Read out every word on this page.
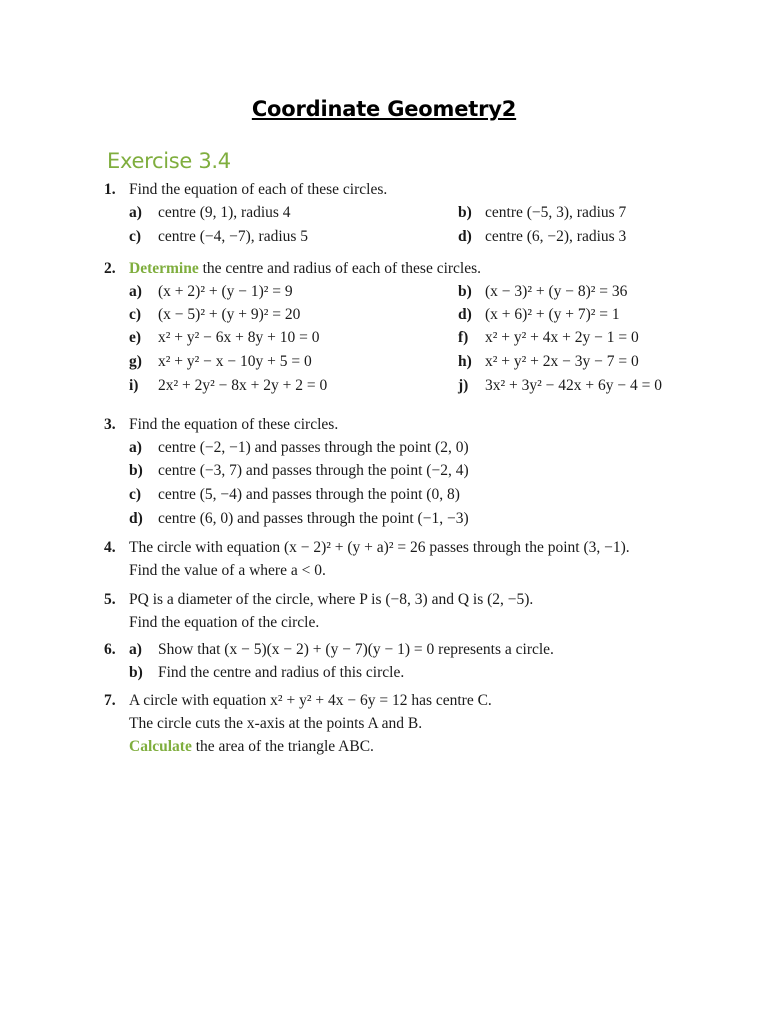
Coordinate Geometry2
Exercise 3.4
1. Find the equation of each of these circles.
a) centre (9, 1), radius 4	b) centre (−5, 3), radius 7
c) centre (−4, −7), radius 5	d) centre (6, −2), radius 3
2. Determine the centre and radius of each of these circles.
a) (x + 2)² + (y − 1)² = 9	b) (x − 3)² + (y − 8)² = 36
c) (x − 5)² + (y + 9)² = 20	d) (x + 6)² + (y + 7)² = 1
e) x² + y² − 6x + 8y + 10 = 0	f) x² + y² + 4x + 2y − 1 = 0
g) x² + y² − x − 10y + 5 = 0	h) x² + y² + 2x − 3y − 7 = 0
i) 2x² + 2y² − 8x + 2y + 2 = 0	j) 3x² + 3y² − 42x + 6y − 4 = 0
3. Find the equation of these circles.
a) centre (−2, −1) and passes through the point (2, 0)
b) centre (−3, 7) and passes through the point (−2, 4)
c) centre (5, −4) and passes through the point (0, 8)
d) centre (6, 0) and passes through the point (−1, −3)
4. The circle with equation (x − 2)² + (y + a)² = 26 passes through the point (3, −1).
Find the value of a where a < 0.
5. PQ is a diameter of the circle, where P is (−8, 3) and Q is (2, −5).
Find the equation of the circle.
6. a) Show that (x − 5)(x − 2) + (y − 7)(y − 1) = 0 represents a circle.
b) Find the centre and radius of this circle.
7. A circle with equation x² + y² + 4x − 6y = 12 has centre C.
The circle cuts the x-axis at the points A and B.
Calculate the area of the triangle ABC.
